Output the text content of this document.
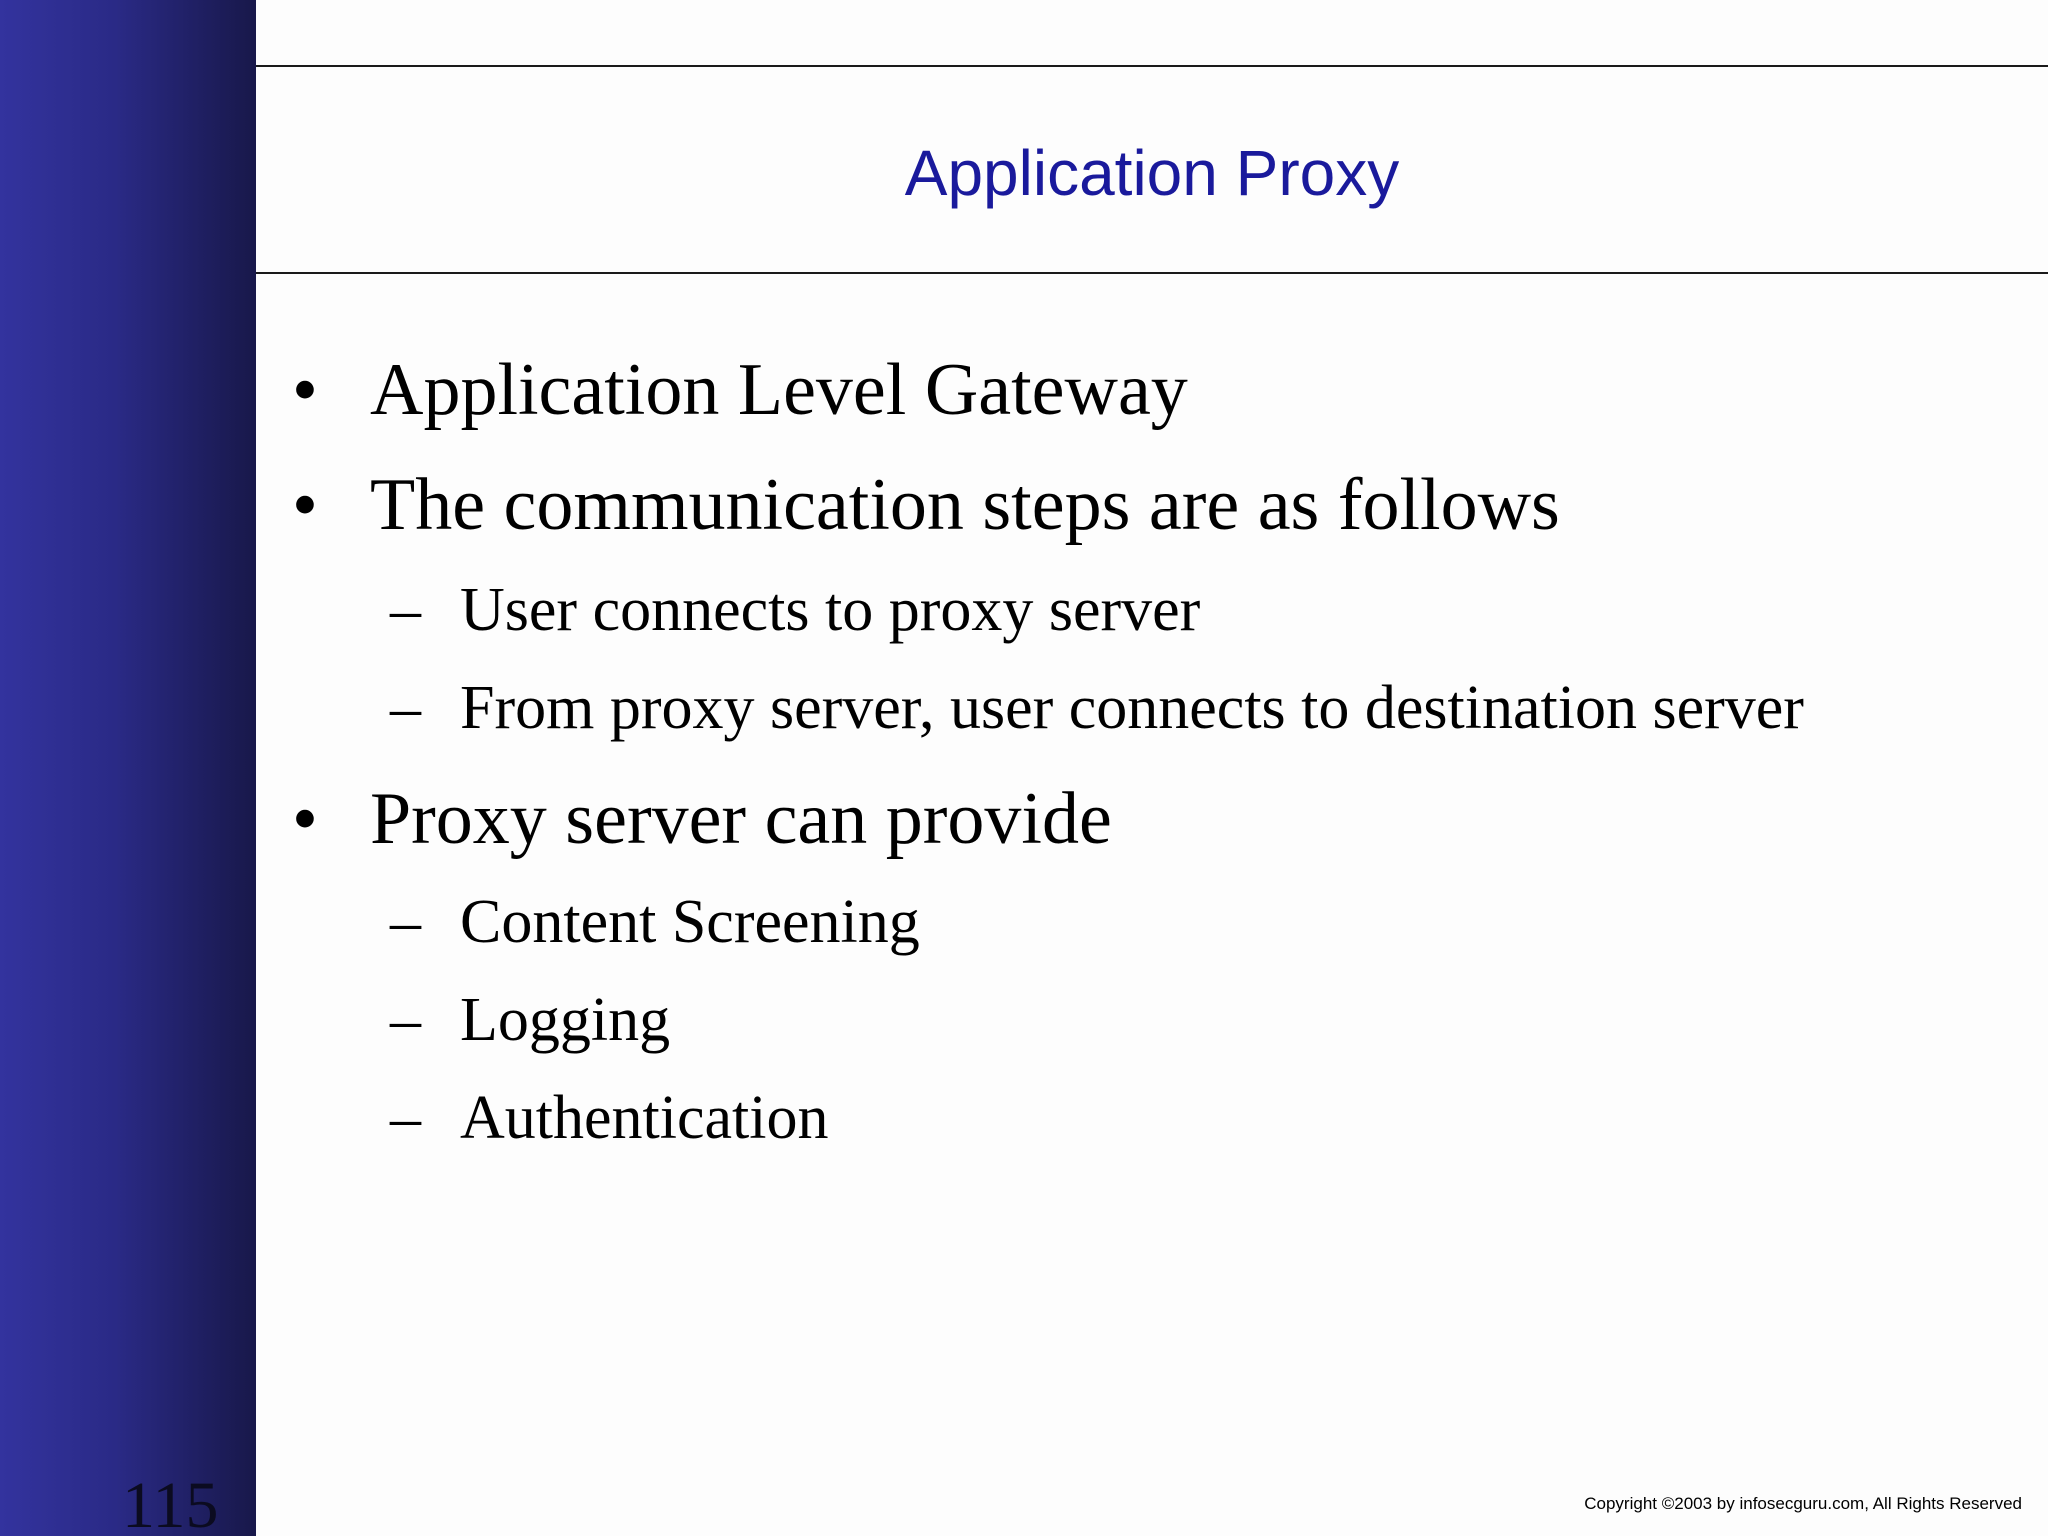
Application Proxy
• Application Level Gateway
• The communication steps are as follows
– User connects to proxy server
– From proxy server, user connects to destination server
• Proxy server can provide
– Content Screening
– Logging
– Authentication
115	Copyright ©2003 by infosecguru.com, All Rights Reserved
